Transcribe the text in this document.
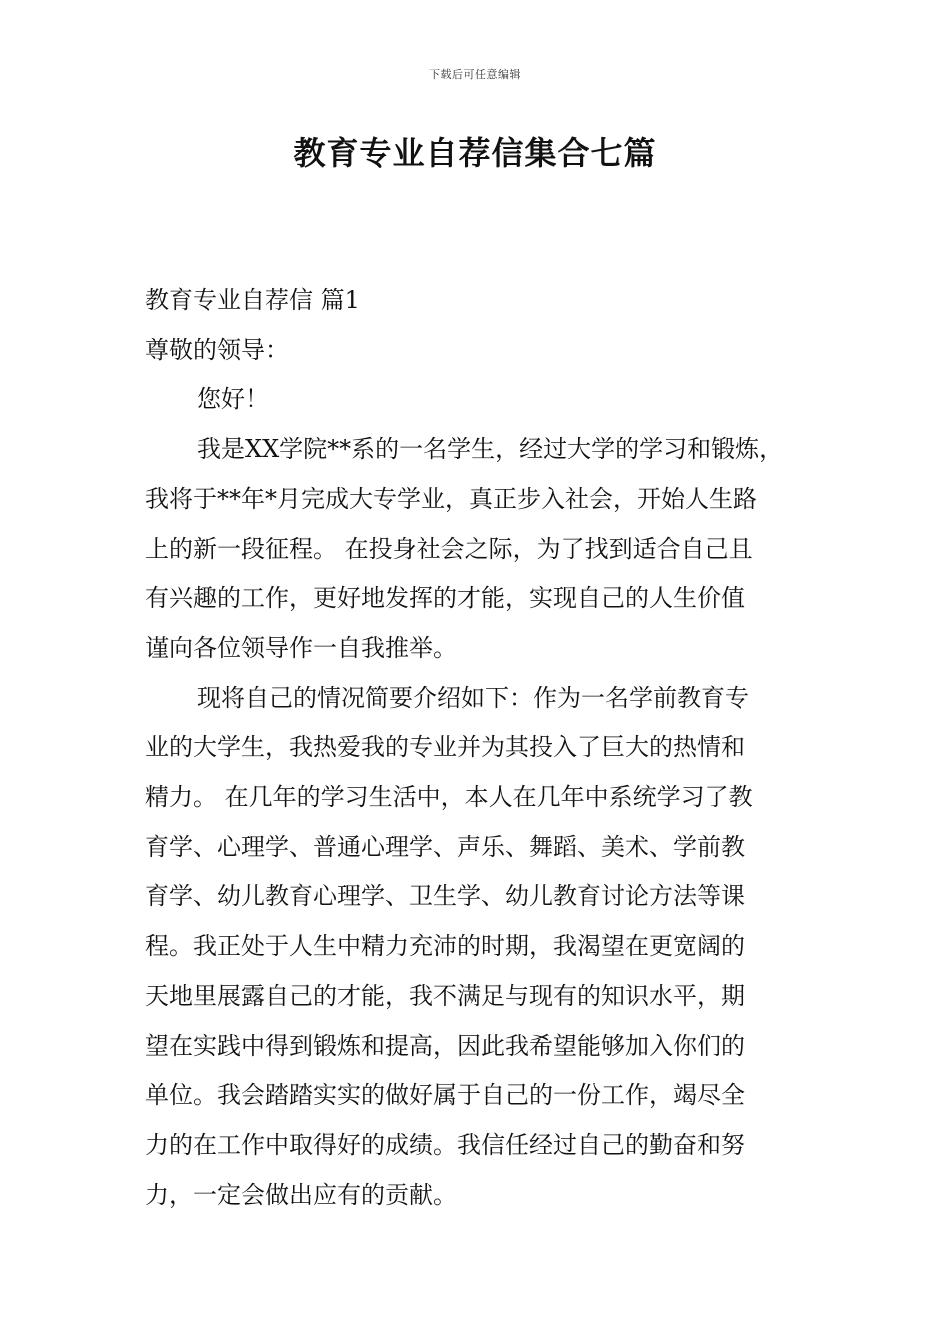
下载后可任意编辑
教育专业自荐信集合七篇

教育专业自荐信 篇1

尊敬的领导：

您好！

我是XX学院**系的一名学生，经过大学的学习和锻炼，

我将于**年*月完成大专学业，真正步入社会，开始人生路

上的新一段征程。 在投身社会之际，为了找到适合自己且

有兴趣的工作，更好地发挥的才能，实现自己的人生价值

谨向各位领导作一自我推举。

现将自己的情况简要介绍如下：作为一名学前教育专

业的大学生，我热爱我的专业并为其投入了巨大的热情和

精力。 在几年的学习生活中，本人在几年中系统学习了教

育学、心理学、普通心理学、声乐、舞蹈、美术、学前教

育学、幼儿教育心理学、卫生学、幼儿教育讨论方法等课

程。我正处于人生中精力充沛的时期，我渴望在更宽阔的

天地里展露自己的才能，我不满足与现有的知识水平，期

望在实践中得到锻炼和提高，因此我希望能够加入你们的

单位。我会踏踏实实的做好属于自己的一份工作，竭尽全

力的在工作中取得好的成绩。我信任经过自己的勤奋和努

力，一定会做出应有的贡献。
